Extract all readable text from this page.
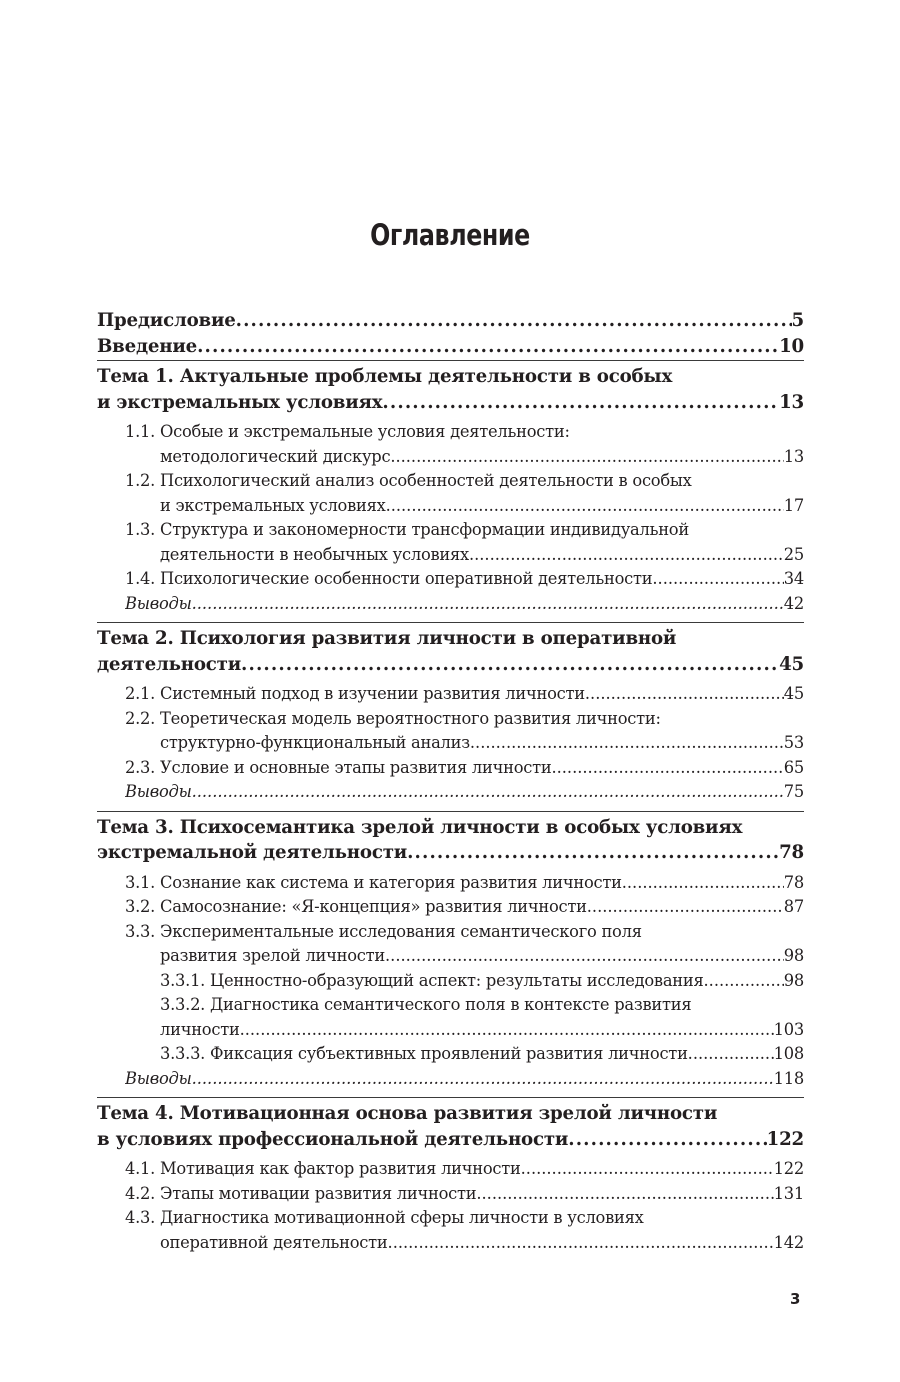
Оглавление
Предисловие . . .	5
Введение . . .	10
Тема 1. Актуальные проблемы деятельности в особых
и экстремальных условиях . . .	13
1.1. Особые и экстремальные условия деятельности:
методологический дискурс . . .	13
1.2. Психологический анализ особенностей деятельности в особых
и экстремальных условиях . . .	17
1.3. Структура и закономерности трансформации индивидуальной
деятельности в необычных условиях . . .	25
1.4. Психологические особенности оперативной деятельности . . .	34
Выводы . . .	42
Тема 2. Психология развития личности в оперативной
деятельности . . .	45
2.1. Системный подход в изучении развития личности . . .	45
2.2. Теоретическая модель вероятностного развития личности:
структурно-функциональный анализ . . .	53
2.3. Условие и основные этапы развития личности . . .	65
Выводы . . .	75
Тема 3. Психосемантика зрелой личности в особых условиях
экстремальной деятельности . . .	78
3.1. Сознание как система и категория развития личности . . .	78
3.2. Самосознание: «Я-концепция» развития личности . . .	87
3.3. Экспериментальные исследования семантического поля
развития зрелой личности . . .	98
3.3.1. Ценностно-образующий аспект: результаты исследования . . .	98
3.3.2. Диагностика семантического поля в контексте развития
личности . . .	103
3.3.3. Фиксация субъективных проявлений развития личности . . .	108
Выводы . . .	118
Тема 4. Мотивационная основа развития зрелой личности
в условиях профессиональной деятельности . . .	122
4.1. Мотивация как фактор развития личности . . .	122
4.2. Этапы мотивации развития личности . . .	131
4.3. Диагностика мотивационной сферы личности в условиях
оперативной деятельности . . .	142
3
